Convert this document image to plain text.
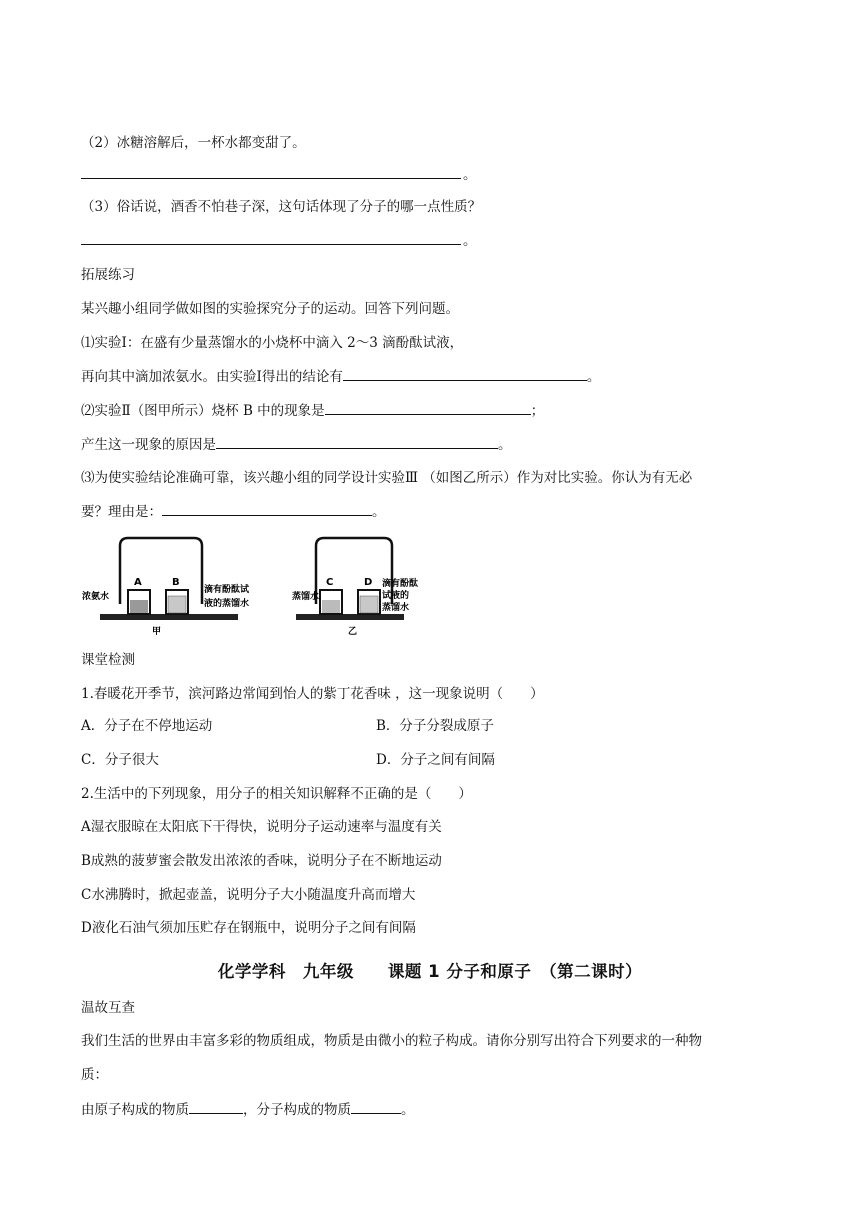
（2）冰糖溶解后，一杯水都变甜了。
。
（3）俗话说，酒香不怕巷子深，这句话体现了分子的哪一点性质？
。
拓展练习
某兴趣小组同学做如图的实验探究分子的运动。回答下列问题。
⑴实验Ⅰ：在盛有少量蒸馏水的小烧杯中滴入 2～3 滴酚酞试液，
再向其中滴加浓氨水。由实验Ⅰ得出的结论有	。
⑵实验Ⅱ（图甲所示）烧杯 B 中的现象是	；
产生这一现象的原因是	。
⑶为使实验结论准确可靠，该兴趣小组的同学设计实验Ⅲ （如图乙所示）作为对比实验。你认为有无必
要？理由是：	。
A	B
浓氨水
滴有酚酞试
液的蒸馏水
甲
C	D
蒸馏水
滴有酚酞
试液的
蒸馏水
乙
课堂检测
1.春暖花开季节，滨河路边常闻到怡人的紫丁花香味 ，这一现象说明（　　）
A．分子在不停地运动	B．分子分裂成原子
C．分子很大	D．分子之间有间隔
2.生活中的下列现象，用分子的相关知识解释不正确的是（　　）
A湿衣服晾在太阳底下干得快，说明分子运动速率与温度有关
B成熟的菠萝蜜会散发出浓浓的香味，说明分子在不断地运动
C水沸腾时，掀起壶盖，说明分子大小随温度升高而增大
D液化石油气须加压贮存在钢瓶中，说明分子之间有间隔
化学学科　九年级　　课题 1 分子和原子　（第二课时）
温故互查
我们生活的世界由丰富多彩的物质组成，物质是由微小的粒子构成。请你分别写出符合下列要求的一种物
质：
由原子构成的物质	，分子构成的物质	。
